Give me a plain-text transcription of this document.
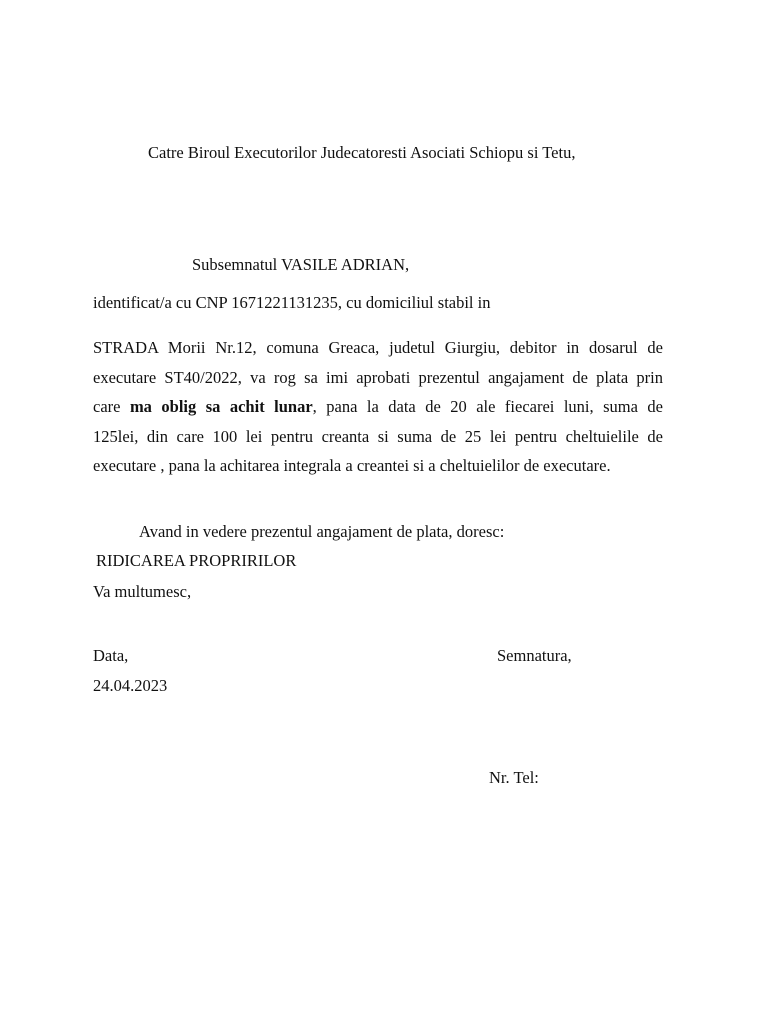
Catre Biroul Executorilor Judecatoresti Asociati Schiopu si Tetu,
Subsemnatul VASILE ADRIAN,
identificat/a cu CNP 1671221131235, cu domiciliul stabil in
STRADA Morii Nr.12, comuna Greaca, judetul Giurgiu, debitor in dosarul de
executare ST40/2022, va rog sa imi aprobati prezentul angajament de plata prin
care ma oblig sa achit lunar, pana la data de 20 ale fiecarei luni, suma de
125lei, din care 100 lei pentru creanta si suma de 25 lei pentru cheltuielile de
executare , pana la achitarea integrala a creantei si a cheltuielilor de executare.
Avand in vedere prezentul angajament de plata, doresc:
RIDICAREA PROPRIRILOR
Va multumesc,
Data,	Semnatura,
24.04.2023
Nr. Tel:
